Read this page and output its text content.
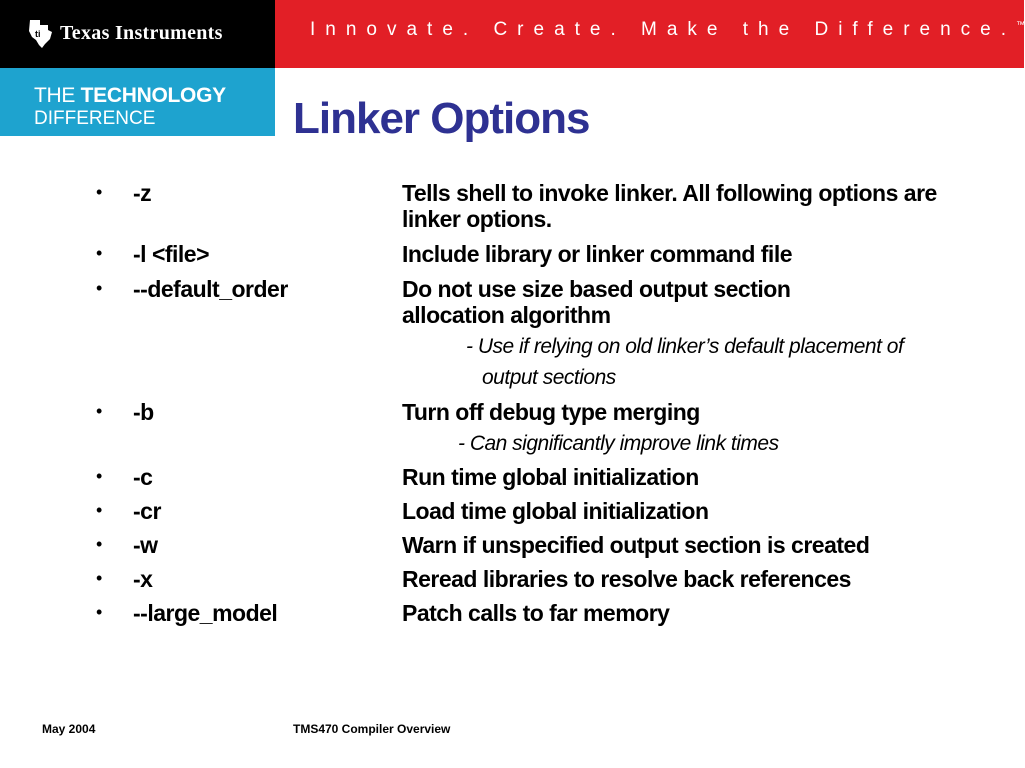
ti Texas Instruments	Innovate. Create. Make the Difference.™
THE TECHNOLOGY
DIFFERENCE	Linker Options
• -z	Tells shell to invoke linker. All following options are linker options.
• -l <file>	Include library or linker command file
• --default_order	Do not use size based output section allocation algorithm
- Use if relying on old linker’s default placement of
output sections
• -b	Turn off debug type merging
- Can significantly improve link times
• -c	Run time global initialization
• -cr	Load time global initialization
• -w	Warn if unspecified output section is created
• -x	Reread libraries to resolve back references
• --large_model	Patch calls to far memory
May 2004	TMS470 Compiler Overview
